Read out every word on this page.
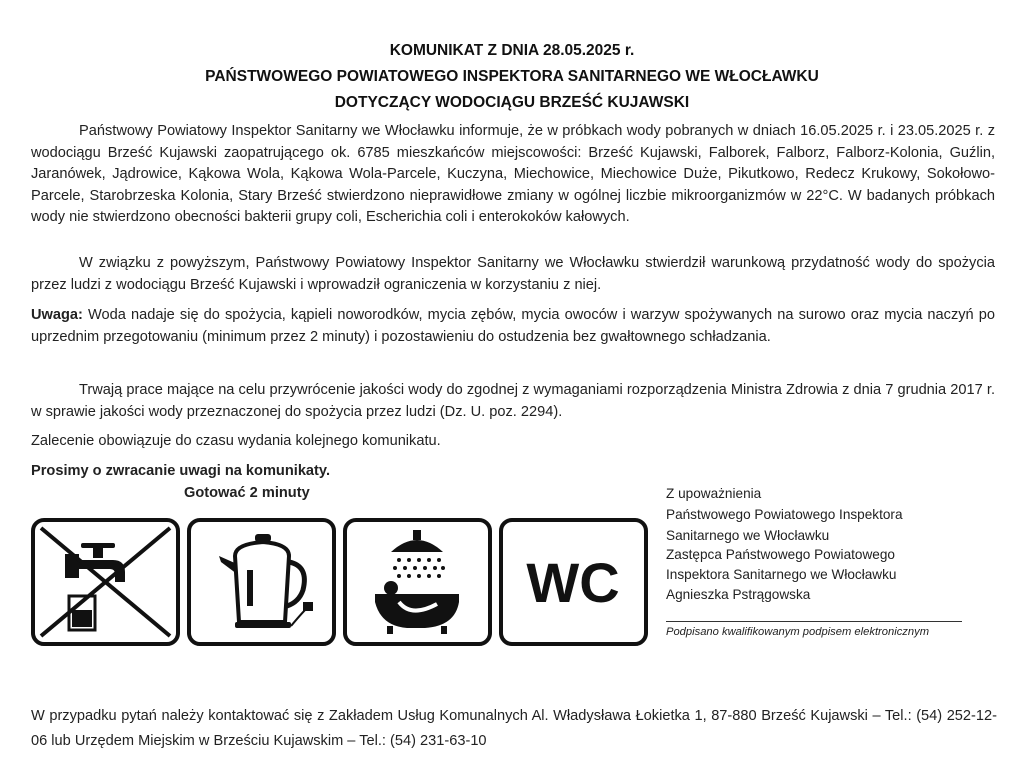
KOMUNIKAT Z DNIA 28.05.2025 r.
PAŃSTWOWEGO POWIATOWEGO INSPEKTORA SANITARNEGO WE WŁOCŁAWKU
DOTYCZĄCY WODOCIĄGU BRZEŚĆ KUJAWSKI
Państwowy Powiatowy Inspektor Sanitarny we Włocławku informuje, że w próbkach wody pobranych w dniach 16.05.2025 r. i 23.05.2025 r. z wodociągu Brześć Kujawski zaopatrującego ok. 6785 mieszkańców miejscowości: Brześć Kujawski, Falborek, Falborz, Falborz-Kolonia, Guźlin, Jaranówek, Jądrowice, Kąkowa Wola, Kąkowa Wola-Parcele, Kuczyna, Miechowice, Miechowice Duże, Pikutkowo, Redecz Krukowy, Sokołowo-Parcele, Starobrzeska Kolonia, Stary Brześć stwierdzono nieprawidłowe zmiany w ogólnej liczbie mikroorganizmów w 22°C. W badanych próbkach wody nie stwierdzono obecności bakterii grupy coli, Escherichia coli i enterokoków kałowych.
W związku z powyższym, Państwowy Powiatowy Inspektor Sanitarny we Włocławku stwierdził warunkową przydatność wody do spożycia przez ludzi z wodociągu Brześć Kujawski i wprowadził ograniczenia w korzystaniu z niej.
Uwaga: Woda nadaje się do spożycia, kąpieli noworodków, mycia zębów, mycia owoców i warzyw spożywanych na surowo oraz mycia naczyń po uprzednim przegotowaniu (minimum przez 2 minuty) i pozostawieniu do ostudzenia bez gwałtownego schładzania.
Trwają prace mające na celu przywrócenie jakości wody do zgodnej z wymaganiami rozporządzenia Ministra Zdrowia z dnia 7 grudnia 2017 r. w sprawie jakości wody przeznaczonej do spożycia przez ludzi (Dz. U. poz. 2294).
Zalecenie obowiązuje do czasu wydania kolejnego komunikatu.
Prosimy o zwracanie uwagi na komunikaty.
Gotować 2 minuty
WC
Z upoważnienia
Państwowego Powiatowego Inspektora
Sanitarnego we Włocławku
Zastępca Państwowego Powiatowego
Inspektora Sanitarnego we Włocławku
Agnieszka Pstrągowska
Podpisano kwalifikowanym podpisem elektronicznym
W przypadku pytań należy kontaktować się z Zakładem Usług Komunalnych Al. Władysława Łokietka 1, 87-880 Brześć Kujawski – Tel.: (54) 252-12-06 lub Urzędem Miejskim w Brześciu Kujawskim – Tel.: (54) 231-63-10
